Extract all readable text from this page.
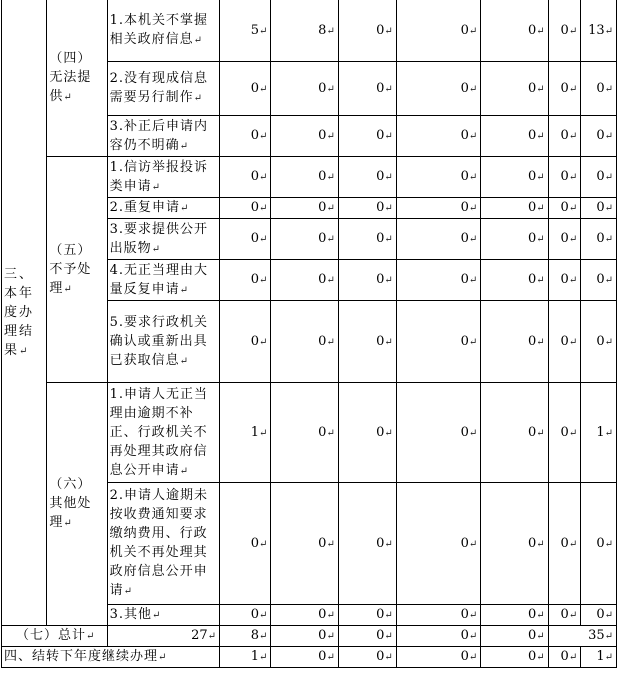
三、本年度办理结果↵	（四）无法提供↵	1.本机关不掌握相关政府信息↵	5↵	8↵	0↵	0↵	0↵	0↵	13↵
		2.没有现成信息需要另行制作↵	0↵	0↵	0↵	0↵	0↵	0↵	0↵
		3.补正后申请内容仍不明确↵	0↵	0↵	0↵	0↵	0↵	0↵	0↵
	（五）不予处理↵	1.信访举报投诉类申请↵	0↵	0↵	0↵	0↵	0↵	0↵	0↵
		2.重复申请↵	0↵	0↵	0↵	0↵	0↵	0↵	0↵
		3.要求提供公开出版物↵	0↵	0↵	0↵	0↵	0↵	0↵	0↵
		4.无正当理由大量反复申请↵	0↵	0↵	0↵	0↵	0↵	0↵	0↵
		5.要求行政机关确认或重新出具已获取信息↵	0↵	0↵	0↵	0↵	0↵	0↵	0↵
	（六）其他处理↵	1.申请人无正当理由逾期不补正、行政机关不再处理其政府信息公开申请↵	1↵	0↵	0↵	0↵	0↵	0↵	1↵
		2.申请人逾期未按收费通知要求缴纳费用、行政机关不再处理其政府信息公开申请↵	0↵	0↵	0↵	0↵	0↵	0↵	0↵
		3.其他↵	0↵	0↵	0↵	0↵	0↵	0↵	0↵
（七）总计↵		27↵	8↵	0↵	0↵	0↵	0↵	35↵	
四、结转下年度继续办理↵			1↵	0↵	0↵	0↵	0↵	0↵	1↵
